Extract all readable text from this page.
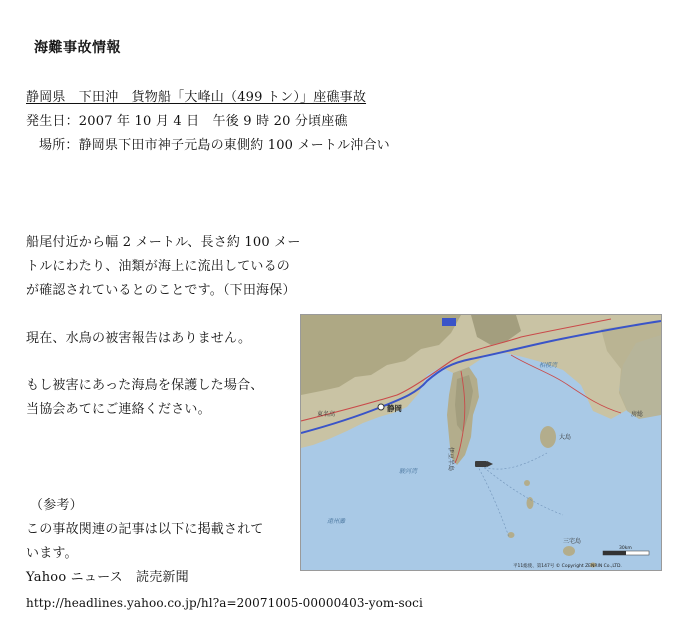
海難事故情報
静岡県　下田沖　貨物船「大峰山（499 トン）」座礁事故
発生日：2007 年 10 月 4 日　午後 9 時 20 分頃座礁
場所：静岡県下田市神子元島の東側約 100 メートル沖合い
船尾付近から幅 2 メートル、長さ約 100 メー
トルにわたり、油類が海上に流出しているの
が確認されているとのことです。（下田海保）
現在、水鳥の被害報告はありません。
もし被害にあった海鳥を保護した場合、
当協会あてにご連絡ください。
（参考）
この事故関連の記事は以下に掲載されて
います。
Yahoo ニュース　読売新聞
http://headlines.yahoo.co.jp/hl?a=20071005-00000403-yom-soci
静岡
東名高
駿河湾
遠州灘
相模湾
大島
三宅島
房総
伊豆半島
30km
平11総使、第147号 © Copyright ZENRIN Co.,LTD.
